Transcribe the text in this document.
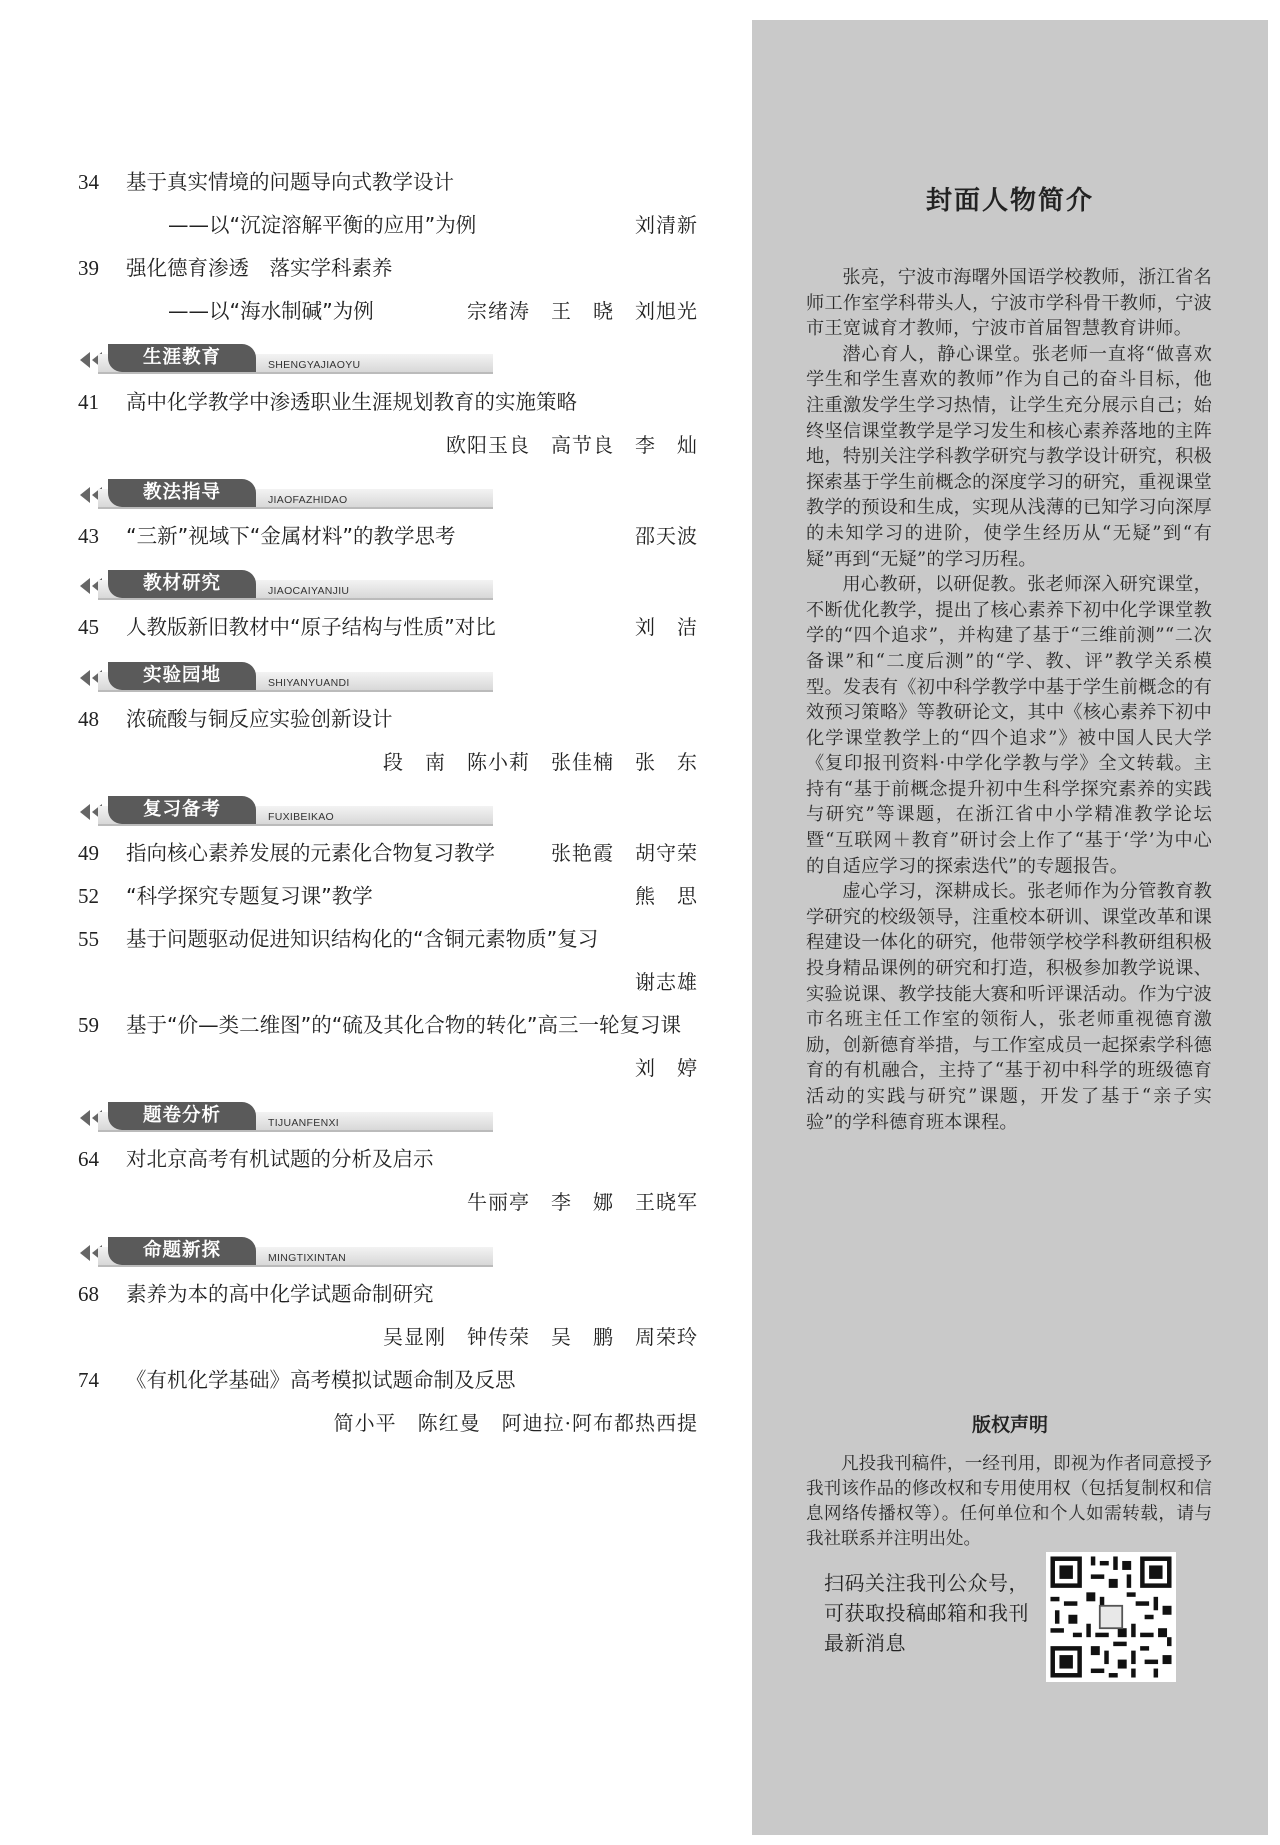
34	基于真实情境的问题导向式教学设计
——以“沉淀溶解平衡的应用”为例	刘清新
39	强化德育渗透　落实学科素养
——以“海水制碱”为例	宗绪涛　王　晓　刘旭光
生涯教育	SHENGYAJIAOYU
41	高中化学教学中渗透职业生涯规划教育的实施策略
欧阳玉良　高节良　李　灿
教法指导	JIAOFAZHIDAO
43	“三新”视域下“金属材料”的教学思考	邵天波
教材研究	JIAOCAIYANJIU
45	人教版新旧教材中“原子结构与性质”对比	刘　洁
实验园地	SHIYANYUANDI
48	浓硫酸与铜反应实验创新设计
段　南　陈小莉　张佳楠　张　东
复习备考	FUXIBEIKAO
49	指向核心素养发展的元素化合物复习教学	张艳霞　胡守荣
52	“科学探究专题复习课”教学	熊　思
55	基于问题驱动促进知识结构化的“含铜元素物质”复习
谢志雄
59	基于“价—类二维图”的“硫及其化合物的转化”高三一轮复习课
刘　婷
题卷分析	TIJUANFENXI
64	对北京高考有机试题的分析及启示
牛丽亭　李　娜　王晓军
命题新探	MINGTIXINTAN
68	素养为本的高中化学试题命制研究
吴显刚　钟传荣　吴　鹏　周荣玲
74	《有机化学基础》高考模拟试题命制及反思
简小平　陈红曼　阿迪拉·阿布都热西提
封面人物简介

张亮，宁波市海曙外国语学校教师，浙江省名师工作室学科带头人，宁波市学科骨干教师，宁波市王宽诚育才教师，宁波市首届智慧教育讲师。

潜心育人，静心课堂。张老师一直将“做喜欢学生和学生喜欢的教师”作为自己的奋斗目标，他注重激发学生学习热情，让学生充分展示自己；始终坚信课堂教学是学习发生和核心素养落地的主阵地，特别关注学科教学研究与教学设计研究，积极探索基于学生前概念的深度学习的研究，重视课堂教学的预设和生成，实现从浅薄的已知学习向深厚的未知学习的进阶，使学生经历从“无疑”到“有疑”再到“无疑”的学习历程。

用心教研，以研促教。张老师深入研究课堂，不断优化教学，提出了核心素养下初中化学课堂教学的“四个追求”，并构建了基于“三维前测”“二次备课”和“二度后测”的“学、教、评”教学关系模型。发表有《初中科学教学中基于学生前概念的有效预习策略》等教研论文，其中《核心素养下初中化学课堂教学上的“四个追求”》被中国人民大学《复印报刊资料·中学化学教与学》全文转载。主持有“基于前概念提升初中生科学探究素养的实践与研究”等课题，在浙江省中小学精准教学论坛暨“互联网＋教育”研讨会上作了“基于‘学’为中心的自适应学习的探索迭代”的专题报告。

虚心学习，深耕成长。张老师作为分管教育教学研究的校级领导，注重校本研训、课堂改革和课程建设一体化的研究，他带领学校学科教研组积极投身精品课例的研究和打造，积极参加教学说课、实验说课、教学技能大赛和听评课活动。作为宁波市名班主任工作室的领衔人，张老师重视德育激励，创新德育举措，与工作室成员一起探索学科德育的有机融合，主持了“基于初中科学的班级德育活动的实践与研究”课题，开发了基于“亲子实验”的学科德育班本课程。

版权声明

凡投我刊稿件，一经刊用，即视为作者同意授予我刊该作品的修改权和专用使用权（包括复制权和信息网络传播权等）。任何单位和个人如需转载，请与我社联系并注明出处。

扫码关注我刊公众号，可获取投稿邮箱和我刊最新消息
